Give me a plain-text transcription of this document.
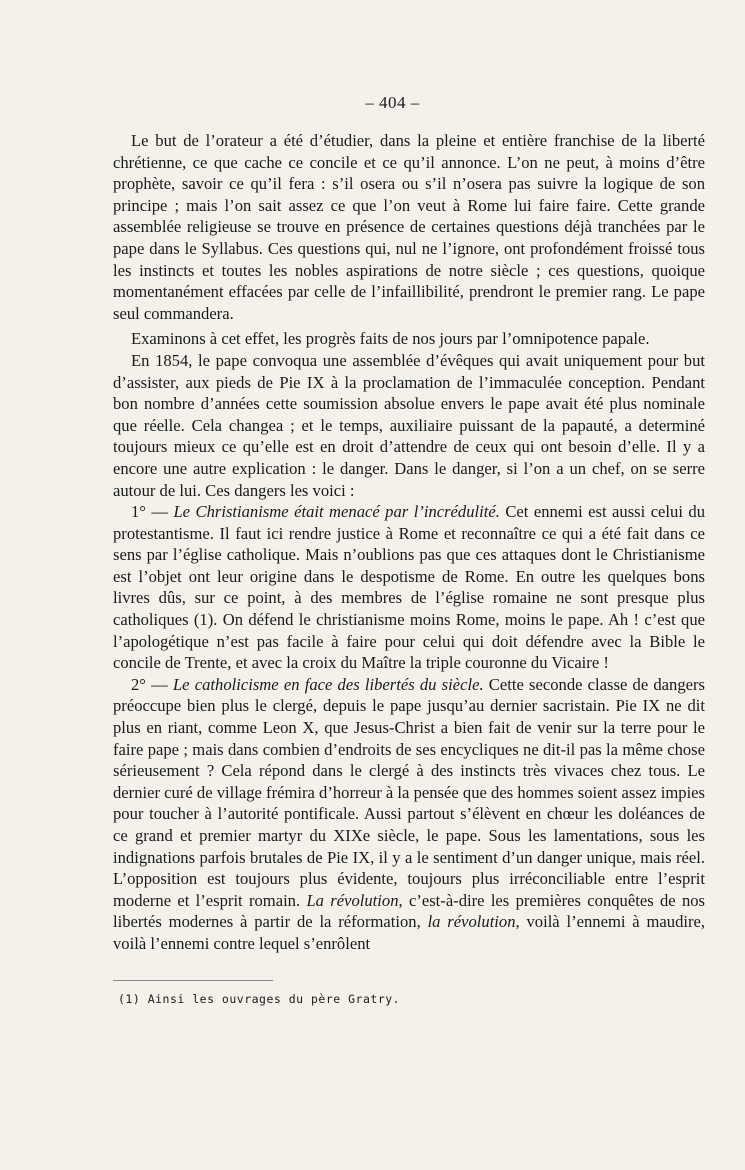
– 404 –

Le but de l’orateur a été d’étudier, dans la pleine et entière franchise de la liberté chrétienne, ce que cache ce concile et ce qu’il annonce. L’on ne peut, à moins d’être prophète, savoir ce qu’il fera : s’il osera ou s’il n’osera pas suivre la logique de son principe ; mais l’on sait assez ce que l’on veut à Rome lui faire faire. Cette grande assemblée religieuse se trouve en présence de certaines questions déjà tranchées par le pape dans le Syllabus. Ces questions qui, nul ne l’ignore, ont profondément froissé tous les instincts et toutes les nobles aspirations de notre siècle ; ces questions, quoique momentanément effacées par celle de l’infaillibilité, prendront le premier rang. Le pape seul commandera.

Examinons à cet effet, les progrès faits de nos jours par l’omnipotence papale.

En 1854, le pape convoqua une assemblée d’évêques qui avait uniquement pour but d’assister, aux pieds de Pie IX à la proclamation de l’immaculée conception. Pendant bon nombre d’années cette soumission absolue envers le pape avait été plus nominale que réelle. Cela changea ; et le temps, auxiliaire puissant de la papauté, a determiné toujours mieux ce qu’elle est en droit d’attendre de ceux qui ont besoin d’elle. Il y a encore une autre explication : le danger. Dans le danger, si l’on a un chef, on se serre autour de lui. Ces dangers les voici :

1° — Le Christianisme était menacé par l’incrédulité. Cet ennemi est aussi celui du protestantisme. Il faut ici rendre justice à Rome et reconnaître ce qui a été fait dans ce sens par l’église catholique. Mais n’oublions pas que ces attaques dont le Christianisme est l’objet ont leur origine dans le despotisme de Rome. En outre les quelques bons livres dûs, sur ce point, à des membres de l’église romaine ne sont presque plus catholiques (1). On défend le christianisme moins Rome, moins le pape. Ah ! c’est que l’apologétique n’est pas facile à faire pour celui qui doit défendre avec la Bible le concile de Trente, et avec la croix du Maître la triple couronne du Vicaire !

2° — Le catholicisme en face des libertés du siècle. Cette seconde classe de dangers préoccupe bien plus le clergé, depuis le pape jusqu’au dernier sacristain. Pie IX ne dit plus en riant, comme Leon X, que Jesus-Christ a bien fait de venir sur la terre pour le faire pape ; mais dans combien d’endroits de ses encycliques ne dit-il pas la même chose sérieusement ? Cela répond dans le clergé à des instincts très vivaces chez tous. Le dernier curé de village frémira d’horreur à la pensée que des hommes soient assez impies pour toucher à l’autorité pontificale. Aussi partout s’élèvent en chœur les doléances de ce grand et premier martyr du XIXe siècle, le pape. Sous les lamentations, sous les indignations parfois brutales de Pie IX, il y a le sentiment d’un danger unique, mais réel. L’opposition est toujours plus évidente, toujours plus irréconciliable entre l’esprit moderne et l’esprit romain. La révolution, c’est-à-dire les premières conquêtes de nos libertés modernes à partir de la réformation, la révolution, voilà l’ennemi à maudire, voilà l’ennemi contre lequel s’enrôlent

(1) Ainsi les ouvrages du père Gratry.
